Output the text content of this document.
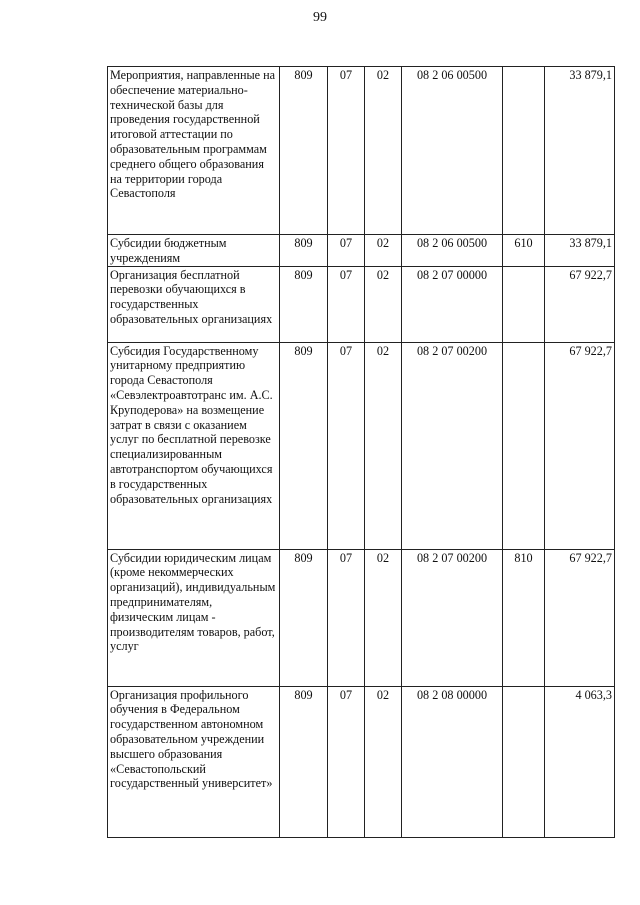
99
Мероприятия, направленные на обеспечение материально-технической базы для проведения государственной итоговой аттестации по образовательным программам среднего общего образования на территории города Севастополя	809	07	02	08 2 06 00500		33 879,1
Субсидии бюджетным учреждениям	809	07	02	08 2 06 00500	610	33 879,1
Организация бесплатной перевозки обучающихся в государственных образовательных организациях	809	07	02	08 2 07 00000		67 922,7
Субсидия Государственному унитарному предприятию города Севастополя «Севэлектроавтотранс им. А.С. Круподерова» на возмещение затрат в связи с оказанием услуг по бесплатной перевозке специализированным автотранспортом обучающихся в государственных образовательных организациях	809	07	02	08 2 07 00200		67 922,7
Субсидии юридическим лицам (кроме некоммерческих организаций), индивидуальным предпринимателям, физическим лицам - производителям товаров, работ, услуг	809	07	02	08 2 07 00200	810	67 922,7
Организация профильного обучения в Федеральном государственном автономном образовательном учреждении высшего образования «Севастопольский государственный университет»	809	07	02	08 2 08 00000		4 063,3
